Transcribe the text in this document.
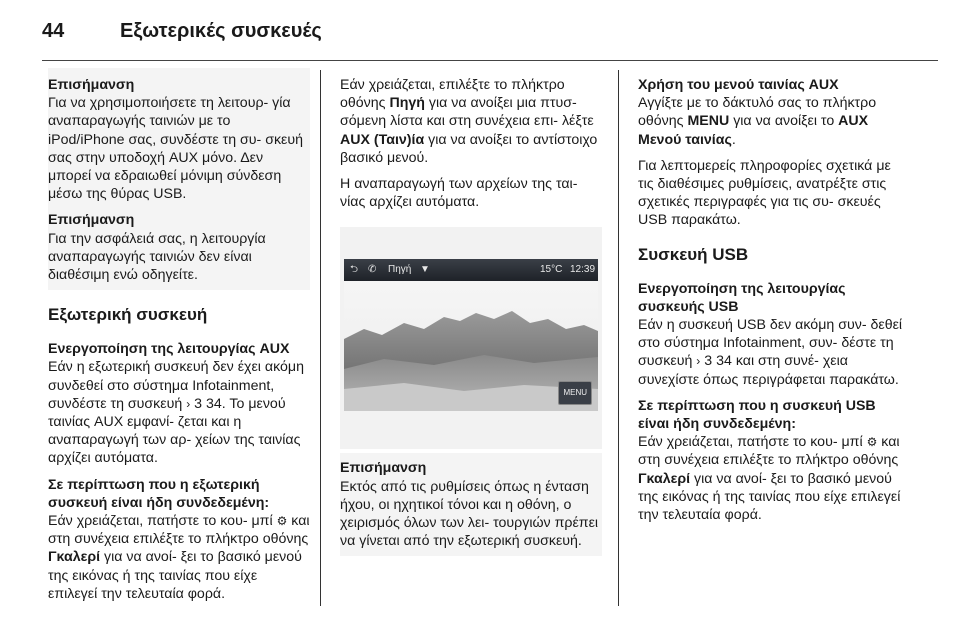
44	Εξωτερικές συσκευές
Επισήμανση
Για να χρησιμοποιήσετε τη λειτουρ‐ γία αναπαραγωγής ταινιών με το iPod/iPhone σας, συνδέστε τη συ‐ σκευή σας στην υποδοχή AUX μόνο. Δεν μπορεί να εδραιωθεί μόνιμη σύνδεση μέσω της θύρας USB.
Επισήμανση
Για την ασφάλειά σας, η λειτουργία αναπαραγωγής ταινιών δεν είναι διαθέσιμη ενώ οδηγείτε.
Εξωτερική συσκευή
Ενεργοποίηση της λειτουργίας AUX
Εάν η εξωτερική συσκευή δεν έχει ακόμη συνδεθεί στο σύστημα Infotainment, συνδέστε τη συσκευή › 3 34. Το μενού ταινίας AUX εμφανί‐ ζεται και η αναπαραγωγή των αρ‐ χείων της ταινίας αρχίζει αυτόματα.
Σε περίπτωση που η εξωτερική συσκευή είναι ήδη συνδεδεμένη:
Εάν χρειάζεται, πατήστε το κου‐ μπί ⚙ και στη συνέχεια επιλέξτε το πλήκτρο οθόνης Γκαλερί για να ανοί‐ ξει το βασικό μενού της εικόνας ή της ταινίας που είχε επιλεγεί την τελευταία φορά.
Εάν χρειάζεται, επιλέξτε το πλήκτρο οθόνης Πηγή για να ανοίξει μια πτυσ‐ σόμενη λίστα και στη συνέχεια επι‐ λέξτε AUX (Ταιν)ία για να ανοίξει το αντίστοιχο βασικό μενού.
Η αναπαραγωγή των αρχείων της ται‐ νίας αρχίζει αυτόματα.
⮌ ✆ Πηγή ▼	15°C 12:39
MENU
Επισήμανση
Εκτός από τις ρυθμίσεις όπως η ένταση ήχου, οι ηχητικοί τόνοι και η οθόνη, ο χειρισμός όλων των λει‐ τουργιών πρέπει να γίνεται από την εξωτερική συσκευή.
Χρήση του μενού ταινίας AUX
Αγγίξτε με το δάκτυλό σας το πλήκτρο οθόνης MENU για να ανοίξει το AUX Μενού ταινίας.
Για λεπτομερείς πληροφορίες σχετικά με τις διαθέσιμες ρυθμίσεις, ανατρέξτε στις σχετικές περιγραφές για τις συ‐ σκευές USB παρακάτω.
Συσκευή USB
Ενεργοποίηση της λειτουργίας συσκευής USB
Εάν η συσκευή USB δεν ακόμη συν‐ δεθεί στο σύστημα Infotainment, συν‐ δέστε τη συσκευή › 3 34 και στη συνέ‐ χεια συνεχίστε όπως περιγράφεται παρακάτω.
Σε περίπτωση που η συσκευή USB είναι ήδη συνδεδεμένη:
Εάν χρειάζεται, πατήστε το κου‐ μπί ⚙ και στη συνέχεια επιλέξτε το πλήκτρο οθόνης Γκαλερί για να ανοί‐ ξει το βασικό μενού της εικόνας ή της ταινίας που είχε επιλεγεί την τελευταία φορά.
